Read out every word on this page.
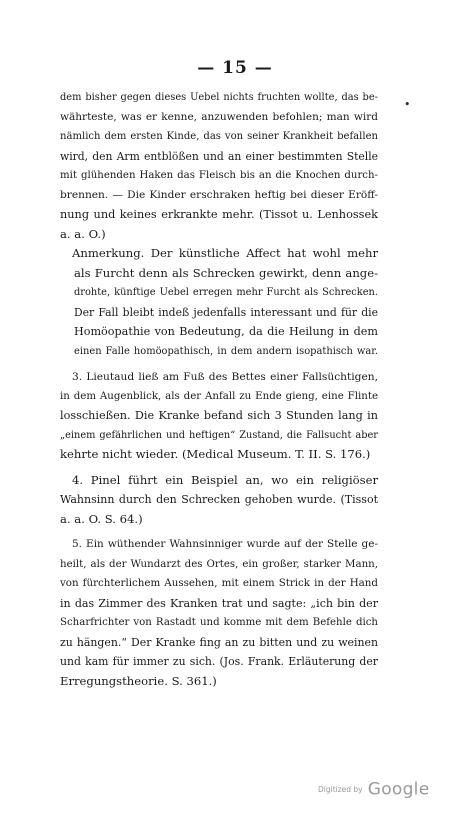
— 15 —
•
dem bisher gegen dieses Uebel nichts fruchten wollte, das be-
währteste, was er kenne, anzuwenden befohlen; man wird
nämlich dem ersten Kinde, das von seiner Krankheit befallen
wird, den Arm entblößen und an einer bestimmten Stelle
mit glühenden Haken das Fleisch bis an die Knochen durch-
brennen. — Die Kinder erschraken heftig bei dieser Eröff-
nung und keines erkrankte mehr. (Tissot u. Lenhossek
a. a. O.)
Anmerkung. Der künstliche Affect hat wohl mehr
als Furcht denn als Schrecken gewirkt, denn ange-
drohte, künftige Uebel erregen mehr Furcht als Schrecken.
Der Fall bleibt indeß jedenfalls interessant und für die
Homöopathie von Bedeutung, da die Heilung in dem
einen Falle homöopathisch, in dem andern isopathisch war.
3. Lieutaud ließ am Fuß des Bettes einer Fallsüchtigen,
in dem Augenblick, als der Anfall zu Ende gieng, eine Flinte
losschießen. Die Kranke befand sich 3 Stunden lang in
„einem gefährlichen und heftigen“ Zustand, die Fallsucht aber
kehrte nicht wieder. (Medical Museum. T. II. S. 176.)
4. Pinel führt ein Beispiel an, wo ein religiöser
Wahnsinn durch den Schrecken gehoben wurde. (Tissot
a. a. O. S. 64.)
5. Ein wüthender Wahnsinniger wurde auf der Stelle ge-
heilt, als der Wundarzt des Ortes, ein großer, starker Mann,
von fürchterlichem Aussehen, mit einem Strick in der Hand
in das Zimmer des Kranken trat und sagte: „ich bin der
Scharfrichter von Rastadt und komme mit dem Befehle dich
zu hängen.“ Der Kranke fing an zu bitten und zu weinen
und kam für immer zu sich. (Jos. Frank. Erläuterung der
Erregungstheorie. S. 361.)
Digitized by Google
